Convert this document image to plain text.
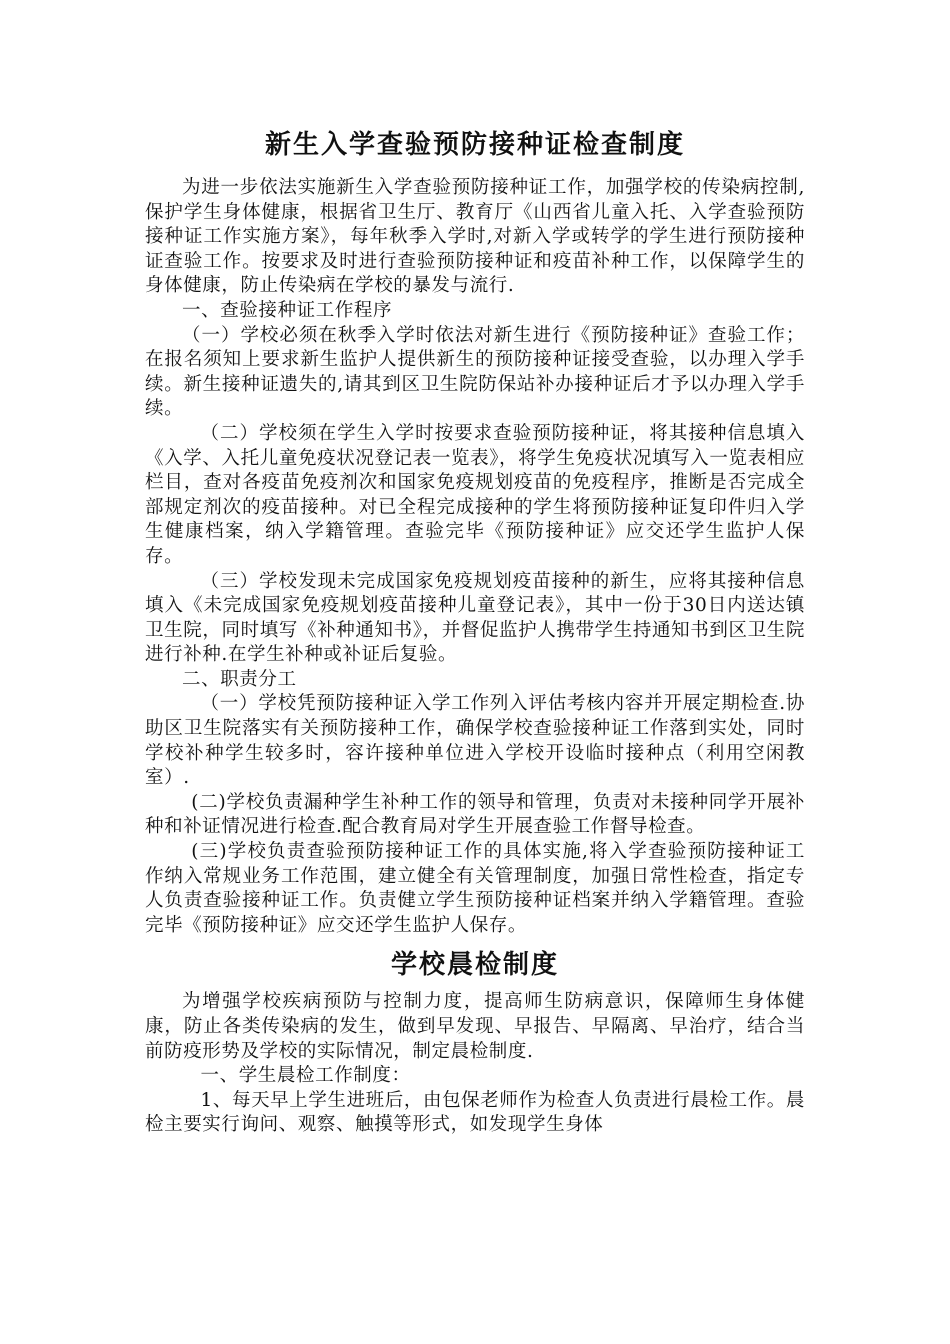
新生入学查验预防接种证检查制度

为进一步依法实施新生入学查验预防接种证工作，加强学校的传染病控制,保护学生身体健康，根据省卫生厅、教育厅《山西省儿童入托、入学查验预防接种证工作实施方案》，每年秋季入学时,对新入学或转学的学生进行预防接种证查验工作。按要求及时进行查验预防接种证和疫苗补种工作，以保障学生的身体健康，防止传染病在学校的暴发与流行.

一、查验接种证工作程序

（一）学校必须在秋季入学时依法对新生进行《预防接种证》查验工作；在报名须知上要求新生监护人提供新生的预防接种证接受查验，以办理入学手续。新生接种证遗失的,请其到区卫生院防保站补办接种证后才予以办理入学手续。

（二）学校须在学生入学时按要求查验预防接种证，将其接种信息填入《入学、入托儿童免疫状况登记表一览表》，将学生免疫状况填写入一览表相应栏目，查对各疫苗免疫剂次和国家免疫规划疫苗的免疫程序，推断是否完成全部规定剂次的疫苗接种。对已全程完成接种的学生将预防接种证复印件归入学生健康档案，纳入学籍管理。查验完毕《预防接种证》应交还学生监护人保存。

（三）学校发现未完成国家免疫规划疫苗接种的新生，应将其接种信息填入《未完成国家免疫规划疫苗接种儿童登记表》，其中一份于30日内送达镇卫生院，同时填写《补种通知书》，并督促监护人携带学生持通知书到区卫生院进行补种.在学生补种或补证后复验。

二、职责分工

（一）学校凭预防接种证入学工作列入评估考核内容并开展定期检查.协助区卫生院落实有关预防接种工作，确保学校查验接种证工作落到实处，同时学校补种学生较多时，容许接种单位进入学校开设临时接种点（利用空闲教室）.

(二)学校负责漏种学生补种工作的领导和管理，负责对未接种同学开展补种和补证情况进行检查.配合教育局对学生开展查验工作督导检查。

(三)学校负责查验预防接种证工作的具体实施,将入学查验预防接种证工作纳入常规业务工作范围，建立健全有关管理制度，加强日常性检查，指定专人负责查验接种证工作。负责健立学生预防接种证档案并纳入学籍管理。查验完毕《预防接种证》应交还学生监护人保存。

学校晨检制度

为增强学校疾病预防与控制力度，提高师生防病意识，保障师生身体健康，防止各类传染病的发生，做到早发现、早报告、早隔离、早治疗，结合当前防疫形势及学校的实际情况，制定晨检制度.

一、学生晨检工作制度：

1、每天早上学生进班后，由包保老师作为检查人负责进行晨检工作。晨检主要实行询问、观察、触摸等形式，如发现学生身体
